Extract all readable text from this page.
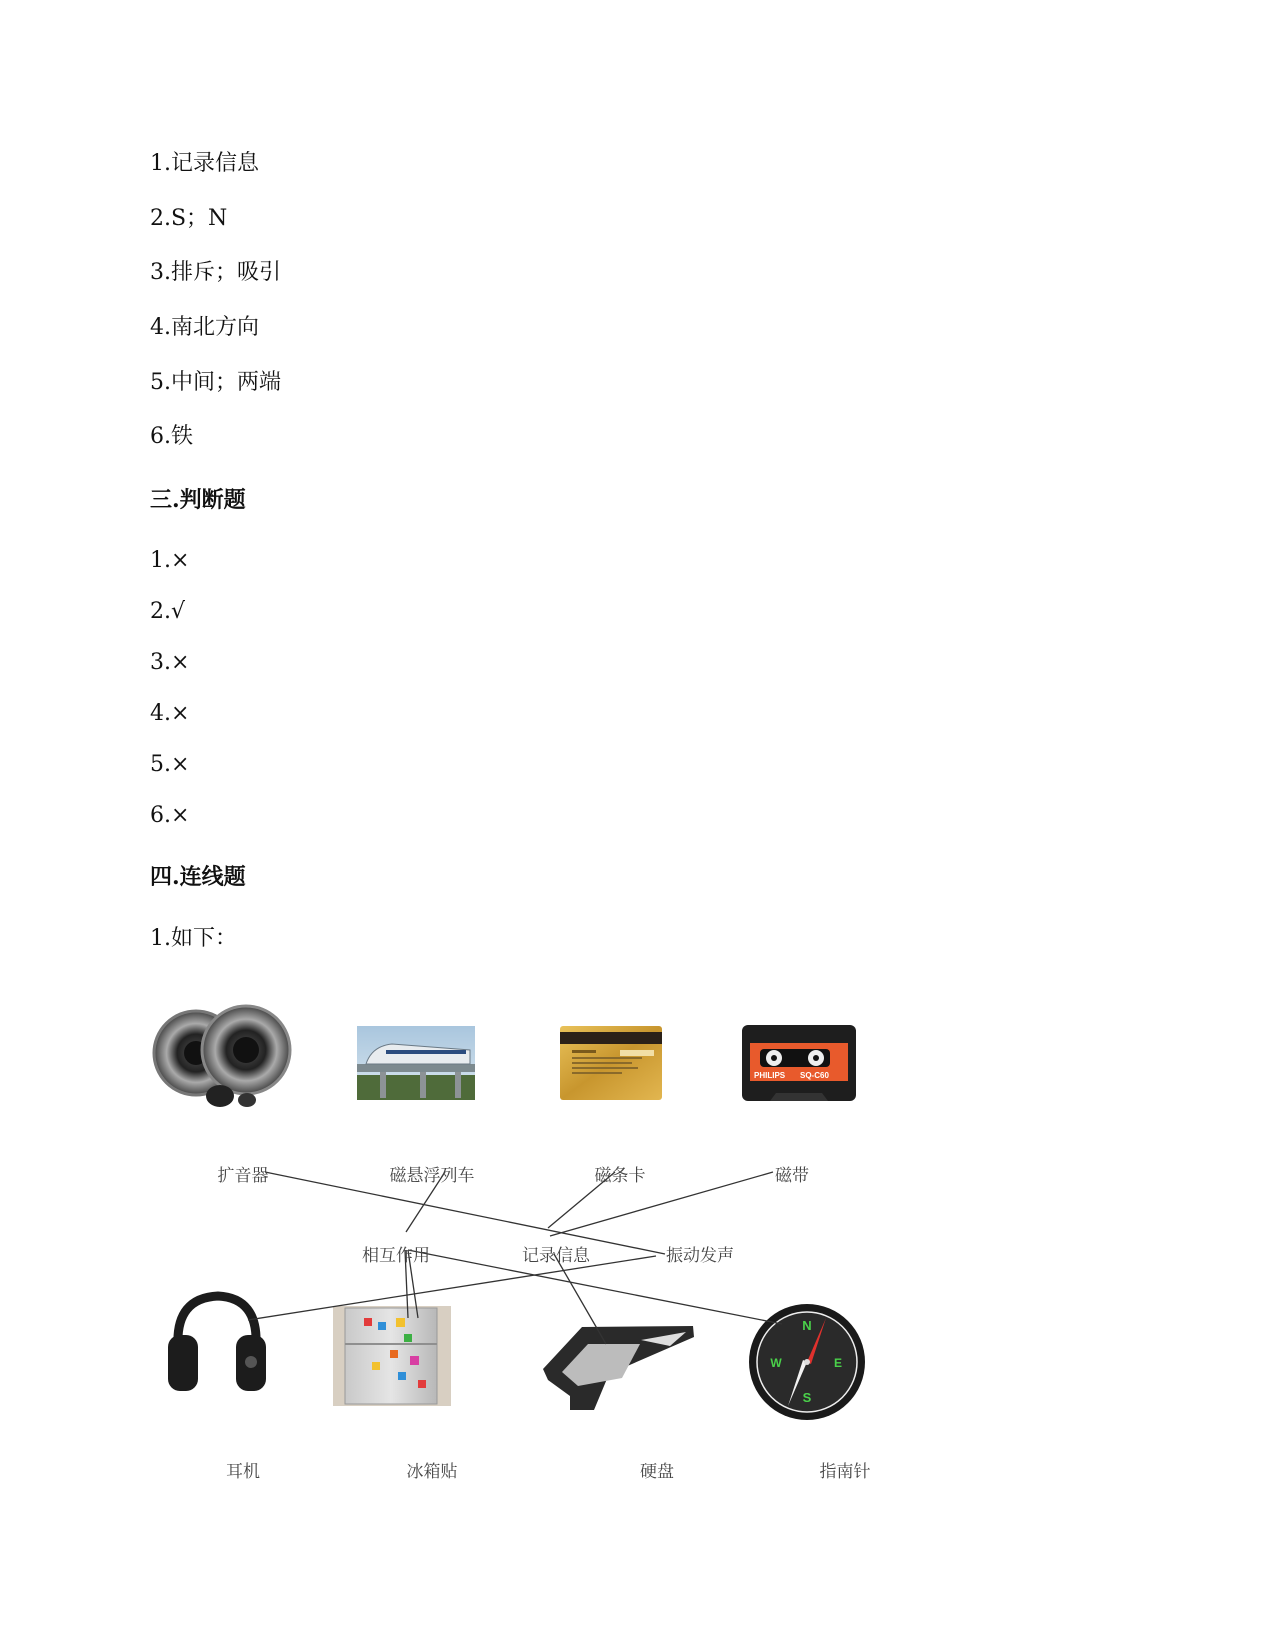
1.记录信息
2.S；N
3.排斥；吸引
4.南北方向
5.中间；两端
6.铁
三.判断题
1.×
2.√
3.×
4.×
5.×
6.×
四.连线题
1.如下：
PHILIPS SQ-C60
N
E
S
W
扩音器	磁悬浮列车	磁条卡	磁带
相互作用	记录信息	振动发声
耳机	冰箱贴	硬盘	指南针
